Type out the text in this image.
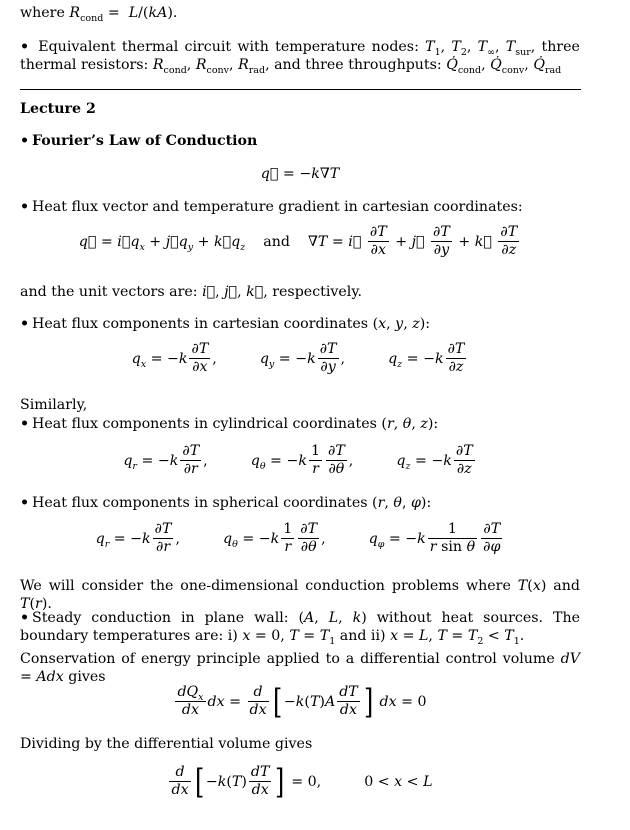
where $R_{cond} = L/(kA)$.
• Equivalent thermal circuit with temperature nodes: $T_1$, $T_2$, $T_\infty$, $T_{sur}$, three thermal resistors: $R_{cond}$, $R_{conv}$, $R_{rad}$, and three throughputs: $Q̇_{cond}$, $Q̇_{conv}$, $Q̇_{rad}$
Lecture 2
• Fourier’s Law of Conduction
q⃗ = −k∇T
• Heat flux vector and temperature gradient in cartesian coordinates:
q⃗ = $i⃗q_x$ + $j⃗q_y$ + $k⃗q_z$    and    ∇T = i⃗ $\frac{\partial T}{\partial x}$ + j⃗ $\frac{\partial T}{\partial y}$ + k⃗ $\frac{\partial T}{\partial z}$
and the unit vectors are: i⃗, j⃗, k⃗, respectively.
• Heat flux components in cartesian coordinates (x, y, z):
$q_x = -k \frac{\partial T}{\partial x}$ ,	$q_y = -k \frac{\partial T}{\partial y}$ ,	$q_z = -k \frac{\partial T}{\partial z}$
Similarly,
• Heat flux components in cylindrical coordinates (r, θ, z):
$q_r = -k \frac{\partial T}{\partial r}$ ,	$q_\theta = -k \frac{1}{r} \frac{\partial T}{\partial\theta}$ ,	$q_z = -k \frac{\partial T}{\partial z}$
• Heat flux components in spherical coordinates (r, θ, φ):
$q_r = -k \frac{\partial T}{\partial r}$ ,	$q_\theta = -k \frac{1}{r} \frac{\partial T}{\partial\theta}$ ,	$q_\varphi = -k \frac{1}{\text{r sin θ}} \frac{\partial T}{\partial\varphi}$
We will consider the one-dimensional conduction problems where T(x) and T(r).
• Steady conduction in plane wall: (A, L, k) without heat sources. The boundary temperatures are: i) x = 0, $T = T_1$ and ii) x = L, $T = T_2 < T_1$.
Conservation of energy principle applied to a differential control volume dV = Adx gives
$\frac{dQ_x}{dx}$ dx = $\frac{d}{dx}$ [ $-k(T)A \frac{dT}{dx}$ ] dx = 0
Dividing by the differential volume gives
$\frac{d}{dx}$ [ $-k(T) \frac{dT}{dx}$ ] = 0,  0 < x < L
